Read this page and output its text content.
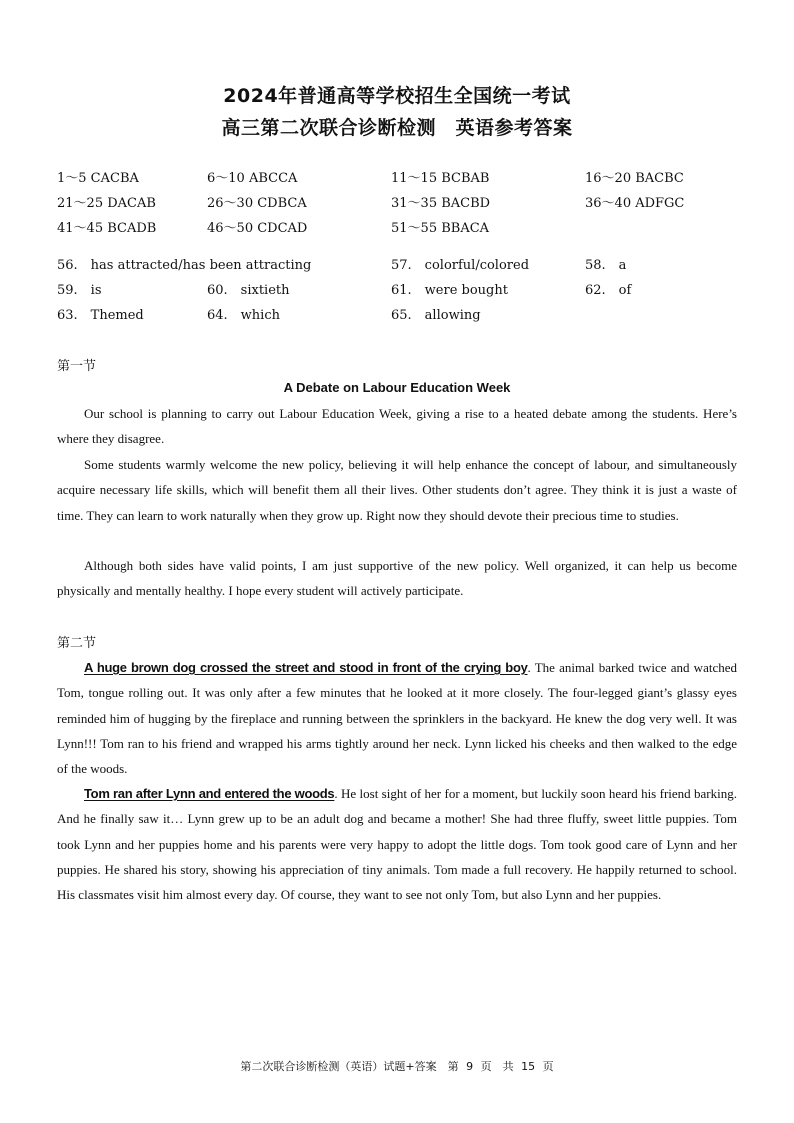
2024年普通高等学校招生全国统一考试
高三第二次联合诊断检测　英语参考答案
1～5 CACBA	6～10 ABCCA	11～15 BCBAB	16～20 BACBC
21～25 DACAB	26～30 CDBCA	31～35 BACBD	36～40 ADFGC
41～45 BCADB	46～50 CDCAD	51～55 BBACA
56.　has attracted/has been attracting	57.　colorful/colored	58.　a
59.　is	60.　sixtieth	61.　were bought	62.　of
63.　Themed	64.　which	65.　allowing
第一节
A Debate on Labour Education Week

Our school is planning to carry out Labour Education Week, giving a rise to a heated debate among the students. Here’s where they disagree.

Some students warmly welcome the new policy, believing it will help enhance the concept of labour, and simultaneously acquire necessary life skills, which will benefit them all their lives. Other students don’t agree. They think it is just a waste of time. They can learn to work naturally when they grow up. Right now they should devote their precious time to studies.

Although both sides have valid points, I am just supportive of the new policy. Well organized, it can help us become physically and mentally healthy. I hope every student will actively participate.

第二节

A huge brown dog crossed the street and stood in front of the crying boy. The animal barked twice and watched Tom, tongue rolling out. It was only after a few minutes that he looked at it more closely. The four-legged giant’s glassy eyes reminded him of hugging by the fireplace and running between the sprinklers in the backyard. He knew the dog very well. It was Lynn!!! Tom ran to his friend and wrapped his arms tightly around her neck. Lynn licked his cheeks and then walked to the edge of the woods.

Tom ran after Lynn and entered the woods. He lost sight of her for a moment, but luckily soon heard his friend barking. And he finally saw it… Lynn grew up to be an adult dog and became a mother! She had three fluffy, sweet little puppies. Tom took Lynn and her puppies home and his parents were very happy to adopt the little dogs. Tom took good care of Lynn and her puppies. He shared his story, showing his appreciation of tiny animals. Tom made a full recovery. He happily returned to school. His classmates visit him almost every day. Of course, they want to see not only Tom, but also Lynn and her puppies.

第二次联合诊断检测（英语）试题+答案　第 9 页　共 15 页
